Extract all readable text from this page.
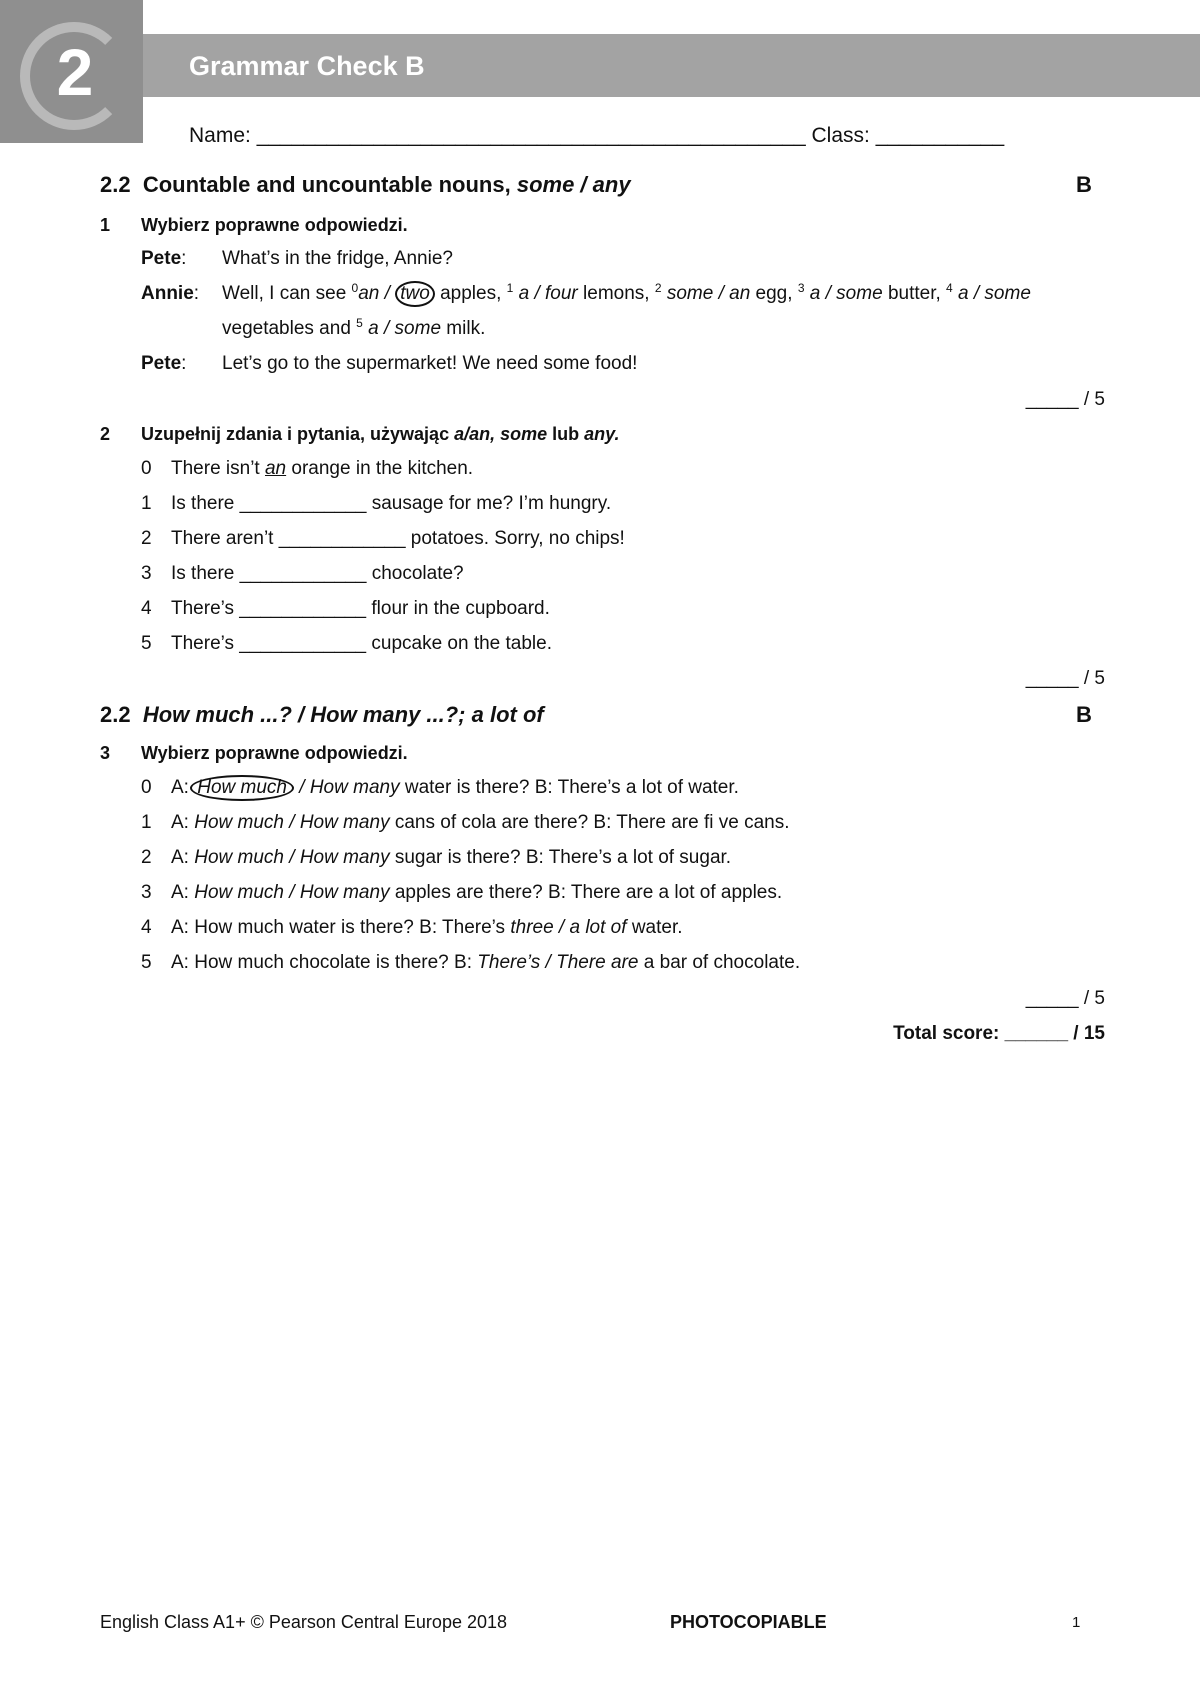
2	Grammar Check B
Name: _______________________________________________ Class: ___________
2.2 Countable and uncountable nouns, some / any	B
1 Wybierz poprawne odpowiedzi.
Pete: What’s in the fridge, Annie?
Annie: Well, I can see $^0$an / two apples, $^1$ a / four lemons, $^2$ some / an egg, $^3$ a / some butter, $^4$ a / some
vegetables and $^5$ a / some milk.
Pete: Let’s go to the supermarket! We need some food!
_____ / 5
2 Uzupełnij zdania i pytania, używając a/an, some lub any.
0 There isn’t an orange in the kitchen.
1 Is there ____________ sausage for me? I’m hungry.
2 There aren’t ____________ potatoes. Sorry, no chips!
3 Is there ____________ chocolate?
4 There’s ____________ flour in the cupboard.
5 There’s ____________ cupcake on the table.
_____ / 5
2.2 How much ...? / How many ...?; a lot of	B
3 Wybierz poprawne odpowiedzi.
0 A: How much / How many water is there? B: There’s a lot of water.
1 A: How much / How many cans of cola are there? B: There are fi ve cans.
2 A: How much / How many sugar is there? B: There’s a lot of sugar.
3 A: How much / How many apples are there? B: There are a lot of apples.
4 A: How much water is there? B: There’s three / a lot of water.
5 A: How much chocolate is there? B: There’s / There are a bar of chocolate.
_____ / 5
Total score: ______ / 15
English Class A1+ © Pearson Central Europe 2018	PHOTOCOPIABLE	1
